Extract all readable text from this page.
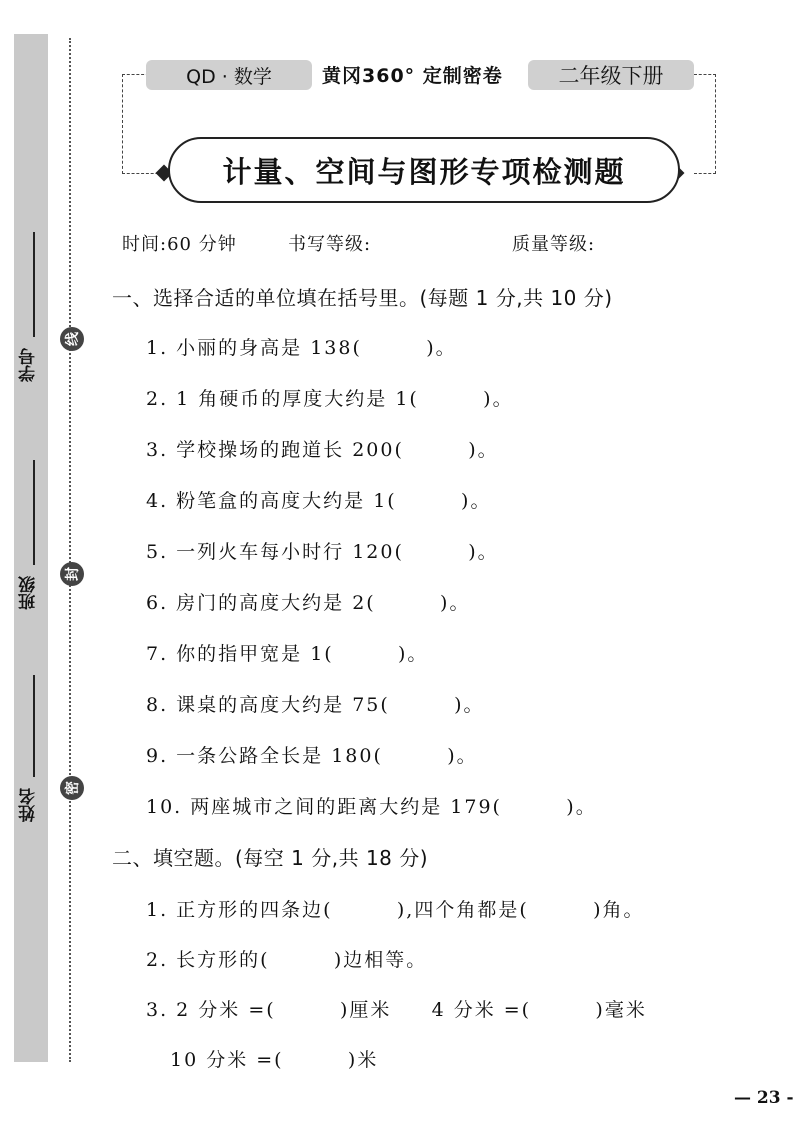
学号
班级
姓名
线
封
密
QD · 数学	黄冈360° 定制密卷	二年级下册
计量、空间与图形专项检测题
时间:60 分钟	书写等级:	质量等级:
一、选择合适的单位填在括号里。(每题 1 分,共 10 分)
1. 小丽的身高是 138(        )。
2. 1 角硬币的厚度大约是 1(        )。
3. 学校操场的跑道长 200(        )。
4. 粉笔盒的高度大约是 1(        )。
5. 一列火车每小时行 120(        )。
6. 房门的高度大约是 2(        )。
7. 你的指甲宽是 1(        )。
8. 课桌的高度大约是 75(        )。
9. 一条公路全长是 180(        )。
10. 两座城市之间的距离大约是 179(        )。
二、填空题。(每空 1 分,共 18 分)
1. 正方形的四条边(        ),四个角都是(        )角。
2. 长方形的(        )边相等。
3. 2 分米 =(        )厘米     4 分米 =(        )毫米
10 分米 =(        )米
— 23 -
